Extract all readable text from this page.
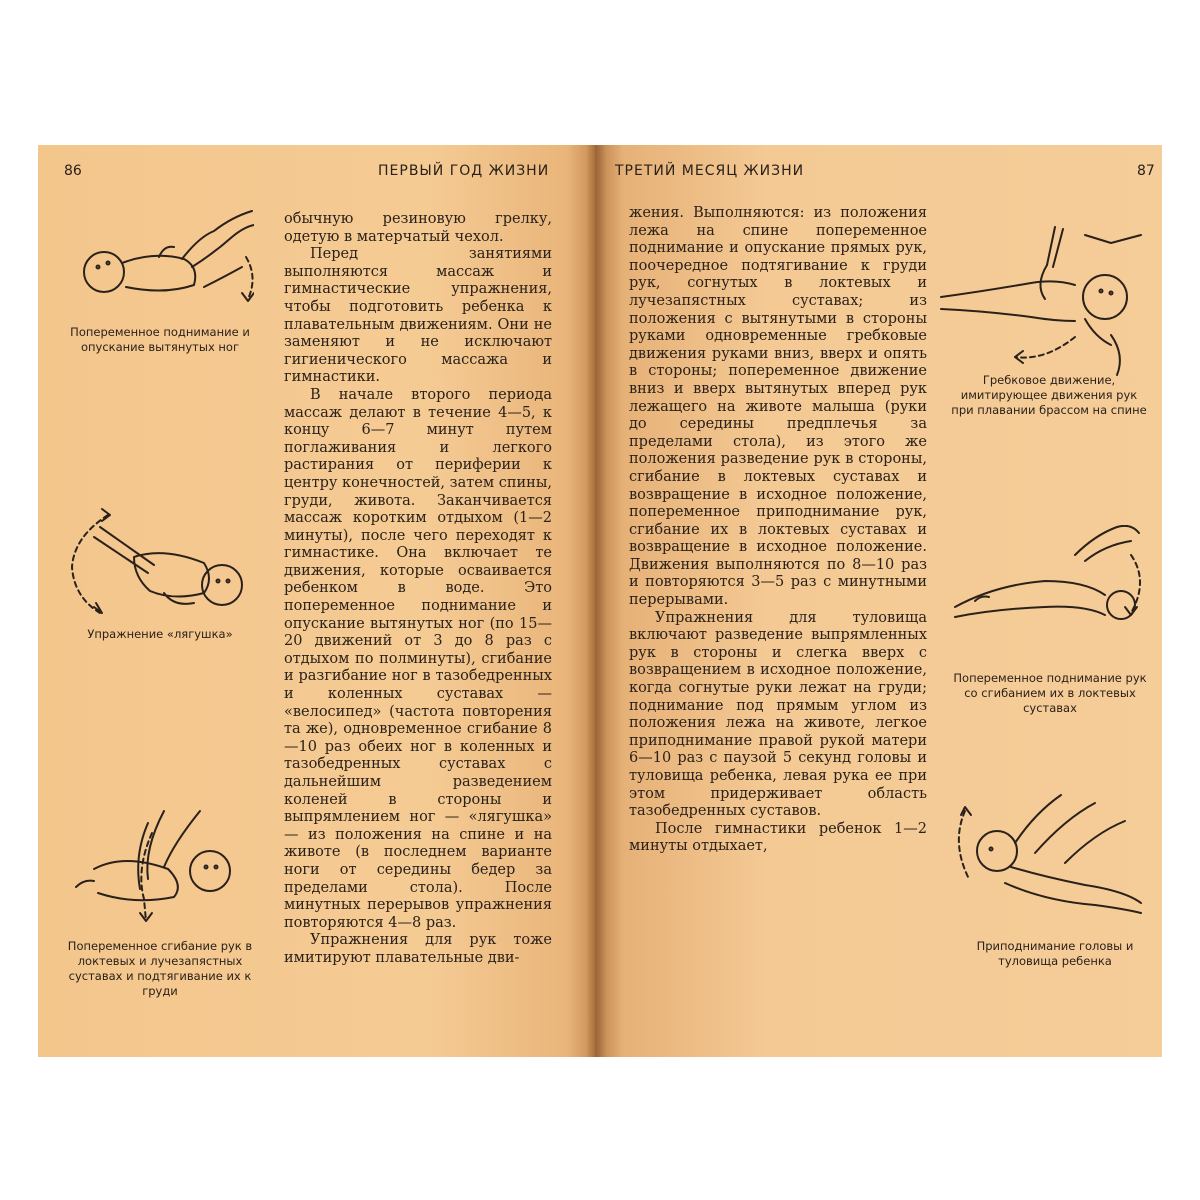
86	ПЕРВЫЙ ГОД ЖИЗНИ
Попеременное поднимание и опускание вытянутых ног
Упражнение «лягушка»
Попеременное сгибание рук в локтевых и лучезапястных суставах и подтягивание их к груди

обычную резиновую грелку, одетую в матерчатый чехол.

Перед занятиями выполняются массаж и гимнастические упражнения, чтобы подготовить ребенка к плавательным движениям. Они не заменяют и не исключают гигиенического массажа и гимнастики.

В начале второго периода массаж делают в течение 4—5, к концу 6—7 минут путем поглаживания и легкого растирания от периферии к центру конечностей, затем спины, груди, живота. Заканчивается массаж коротким отдыхом (1—2 минуты), после чего переходят к гимнастике. Она включает те движения, которые осваивается ребенком в воде. Это попеременное поднимание и опускание вытянутых ног (по 15—20 движений от 3 до 8 раз с отдыхом по полминуты), сгибание и разгибание ног в тазобедренных и коленных суставах — «велосипед» (частота повторения та же), одновременное сгибание 8—10 раз обеих ног в коленных и тазобедренных суставах с дальнейшим разведением коленей в стороны и выпрямлением ног — «лягушка» — из положения на спине и на животе (в последнем варианте ноги от середины бедер за пределами стола). После минутных перерывов упражнения повторяются 4—8 раз.

Упражнения для рук тоже имитируют плавательные дви-

ТРЕТИЙ МЕСЯЦ ЖИЗНИ	87

жения. Выполняются: из положения лежа на спине попеременное поднимание и опускание прямых рук, поочередное подтягивание к груди рук, согнутых в локтевых и лучезапястных суставах; из положения с вытянутыми в стороны руками одновременные гребковые движения руками вниз, вверх и опять в стороны; попеременное движение вниз и вверх вытянутых вперед рук лежащего на животе малыша (руки до середины предплечья за пределами стола), из этого же положения разведение рук в стороны, сгибание в локтевых суставах и возвращение в исходное положение, попеременное приподнимание рук, сгибание их в локтевых суставах и возвращение в исходное положение. Движения выполняются по 8—10 раз и повторяются 3—5 раз с минутными перерывами.

Упражнения для туловища включают разведение выпрямленных рук в стороны и слегка вверх с возвращением в исходное положение, когда согнутые руки лежат на груди; поднимание под прямым углом из положения лежа на животе, легкое приподнимание правой рукой матери 6—10 раз с паузой 5 секунд головы и туловища ребенка, левая рука ее при этом придерживает область тазобедренных суставов.

После гимнастики ребенок 1—2 минуты отдыхает,

Гребковое движение, имитирующее движения рук при плавании брассом на спине
Попеременное поднимание рук со сгибанием их в локтевых суставах
Приподнимание головы и туловища ребенка
